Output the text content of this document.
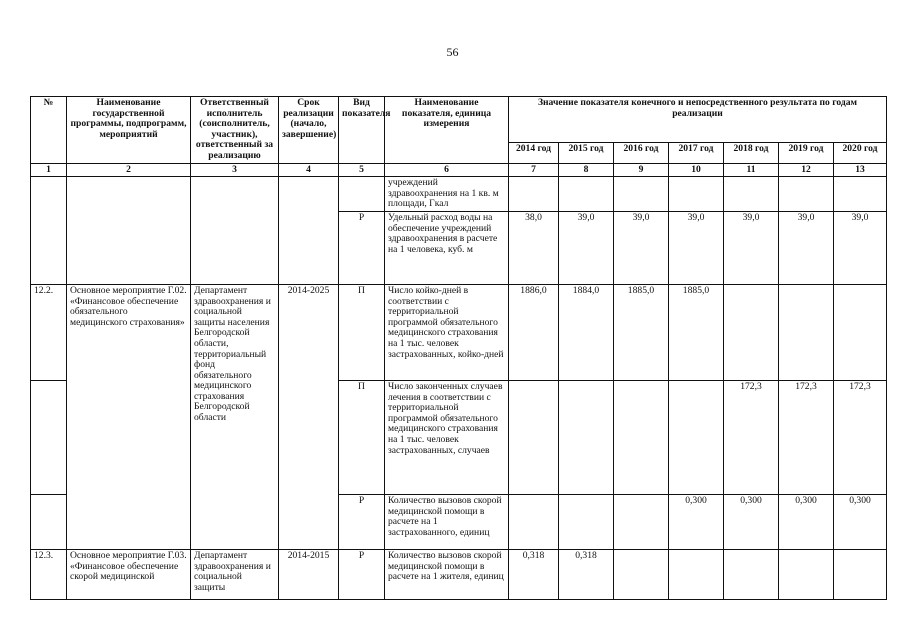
56
№	Наименование государственной программы, подпрограмм, мероприятий	Ответственный исполнитель (соисполнитель, участник), ответственный за реализацию	Срок реализации (начало, завершение)	Вид показателя	Наименование показателя, единица измерения	Значение показателя конечного и непосредственного результата по годам реализации						
						2014 год	2015 год	2016 год	2017 год	2018 год	2019 год	2020 год
1	2	3	4	5	6	7	8	9	10	11	12	13
					учреждений здравоохранения на 1 кв. м площади, Гкал							
				Р	Удельный расход воды на обеспечение учреждений здравоохранения в расчете на 1 человека, куб. м	38,0	39,0	39,0	39,0	39,0	39,0	39,0
12.2.	Основное мероприятие Г.02. «Финансовое обеспечение обязательного медицинского страхования»	Департамент здравоохранения и социальной защиты населения Белгородской области, территориальный фонд обязательного медицинского страхования Белгородской области	2014-2025	П	Число койко-дней в соответствии с территориальной программой обязательного медицинского страхования на 1 тыс. человек застрахованных, койко-дней	1886,0	1884,0	1885,0	1885,0			
				П	Число законченных случаев лечения в соответствии с территориальной программой обязательного медицинского страхования на 1 тыс. человек застрахованных, случаев					172,3	172,3	172,3
				Р	Количество вызовов скорой медицинской помощи в расчете на 1 застрахованного, единиц				0,300	0,300	0,300	0,300
12.3.	Основное мероприятие Г.03. «Финансовое обеспечение скорой медицинской	Департамент здравоохранения и социальной защиты	2014-2015	Р	Количество вызовов скорой медицинской помощи в расчете на 1 жителя, единиц	0,318	0,318					
